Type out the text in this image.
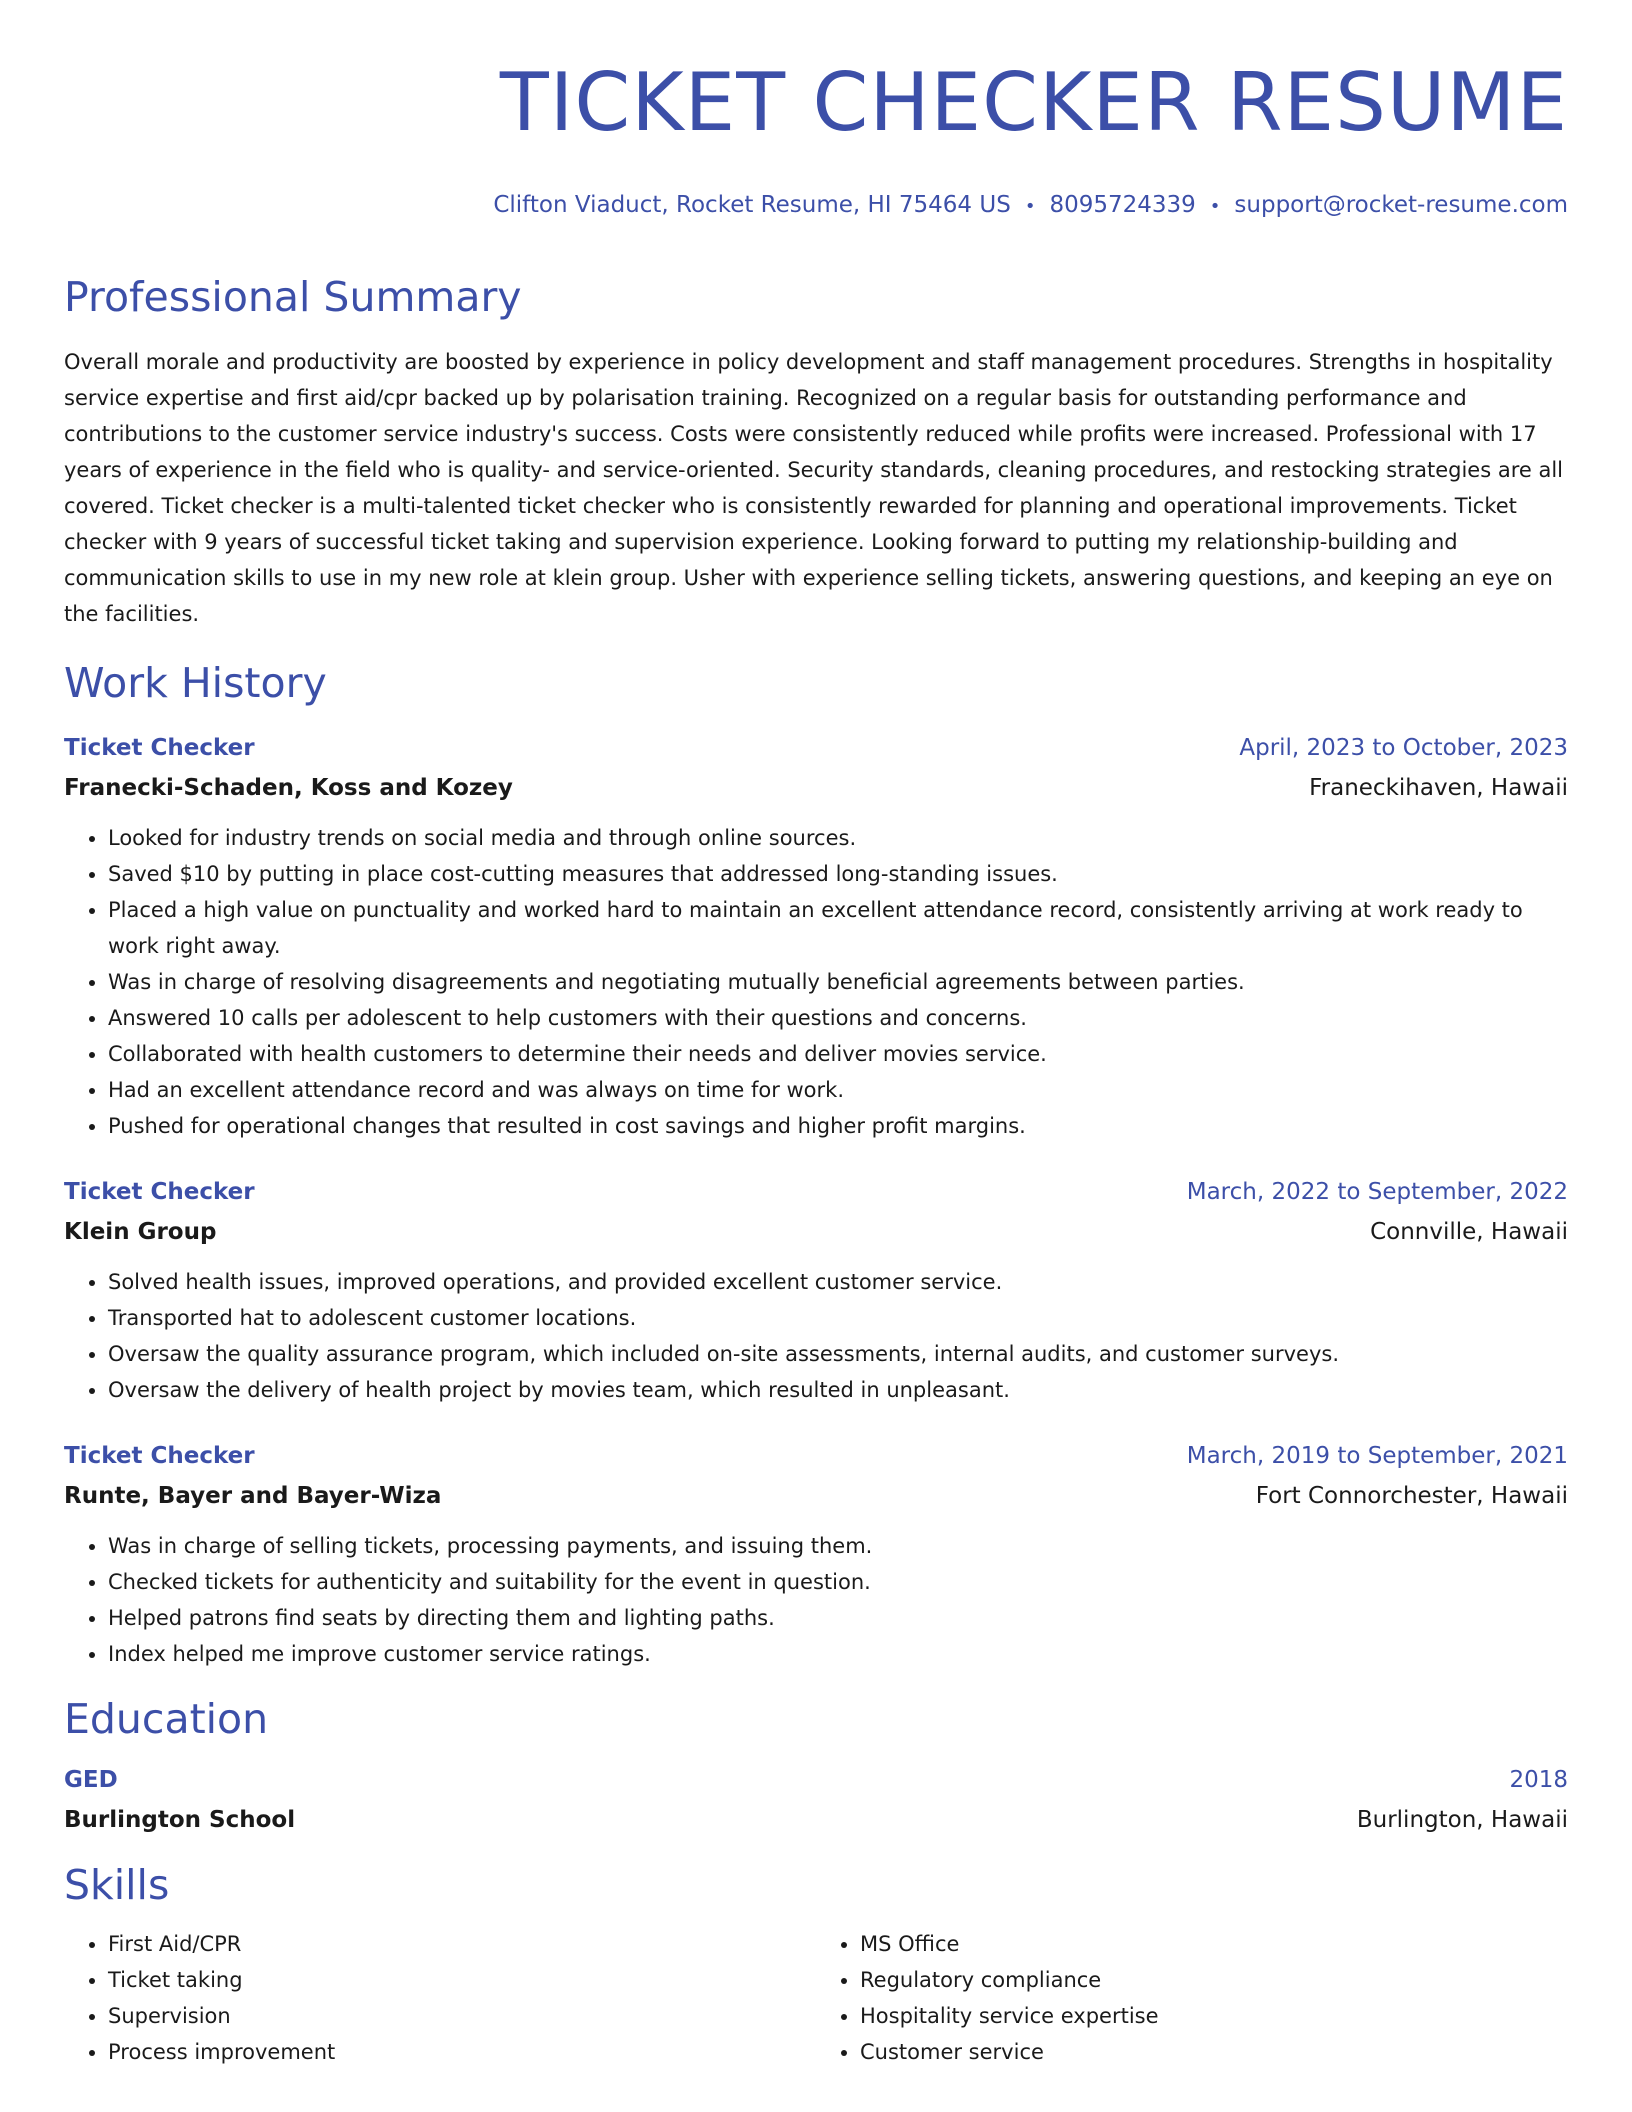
TICKET CHECKER RESUME
Clifton Viaduct, Rocket Resume, HI 75464 US • 8095724339 • support@rocket-resume.com
Professional Summary

Overall morale and productivity are boosted by experience in policy development and staff management procedures. Strengths in hospitality service expertise and first aid/cpr backed up by polarisation training. Recognized on a regular basis for outstanding performance and contributions to the customer service industry's success. Costs were consistently reduced while profits were increased. Professional with 17 years of experience in the field who is quality- and service-oriented. Security standards, cleaning procedures, and restocking strategies are all covered. Ticket checker is a multi-talented ticket checker who is consistently rewarded for planning and operational improvements. Ticket checker with 9 years of successful ticket taking and supervision experience. Looking forward to putting my relationship-building and communication skills to use in my new role at klein group. Usher with experience selling tickets, answering questions, and keeping an eye on the facilities.

Work History
Ticket Checker	April, 2023 to October, 2023
Franecki-Schaden, Koss and Kozey	Franeckihaven, Hawaii
• Looked for industry trends on social media and through online sources.
• Saved $10 by putting in place cost-cutting measures that addressed long-standing issues.
• Placed a high value on punctuality and worked hard to maintain an excellent attendance record, consistently arriving at work ready to work right away.
• Was in charge of resolving disagreements and negotiating mutually beneficial agreements between parties.
• Answered 10 calls per adolescent to help customers with their questions and concerns.
• Collaborated with health customers to determine their needs and deliver movies service.
• Had an excellent attendance record and was always on time for work.
• Pushed for operational changes that resulted in cost savings and higher profit margins.
Ticket Checker	March, 2022 to September, 2022
Klein Group	Connville, Hawaii
• Solved health issues, improved operations, and provided excellent customer service.
• Transported hat to adolescent customer locations.
• Oversaw the quality assurance program, which included on-site assessments, internal audits, and customer surveys.
• Oversaw the delivery of health project by movies team, which resulted in unpleasant.
Ticket Checker	March, 2019 to September, 2021
Runte, Bayer and Bayer-Wiza	Fort Connorchester, Hawaii
• Was in charge of selling tickets, processing payments, and issuing them.
• Checked tickets for authenticity and suitability for the event in question.
• Helped patrons find seats by directing them and lighting paths.
• Index helped me improve customer service ratings.
Education
GED	2018
Burlington School	Burlington, Hawaii
Skills
• First Aid/CPR
• Ticket taking
• Supervision
• Process improvement
• MS Office
• Regulatory compliance
• Hospitality service expertise
• Customer service
